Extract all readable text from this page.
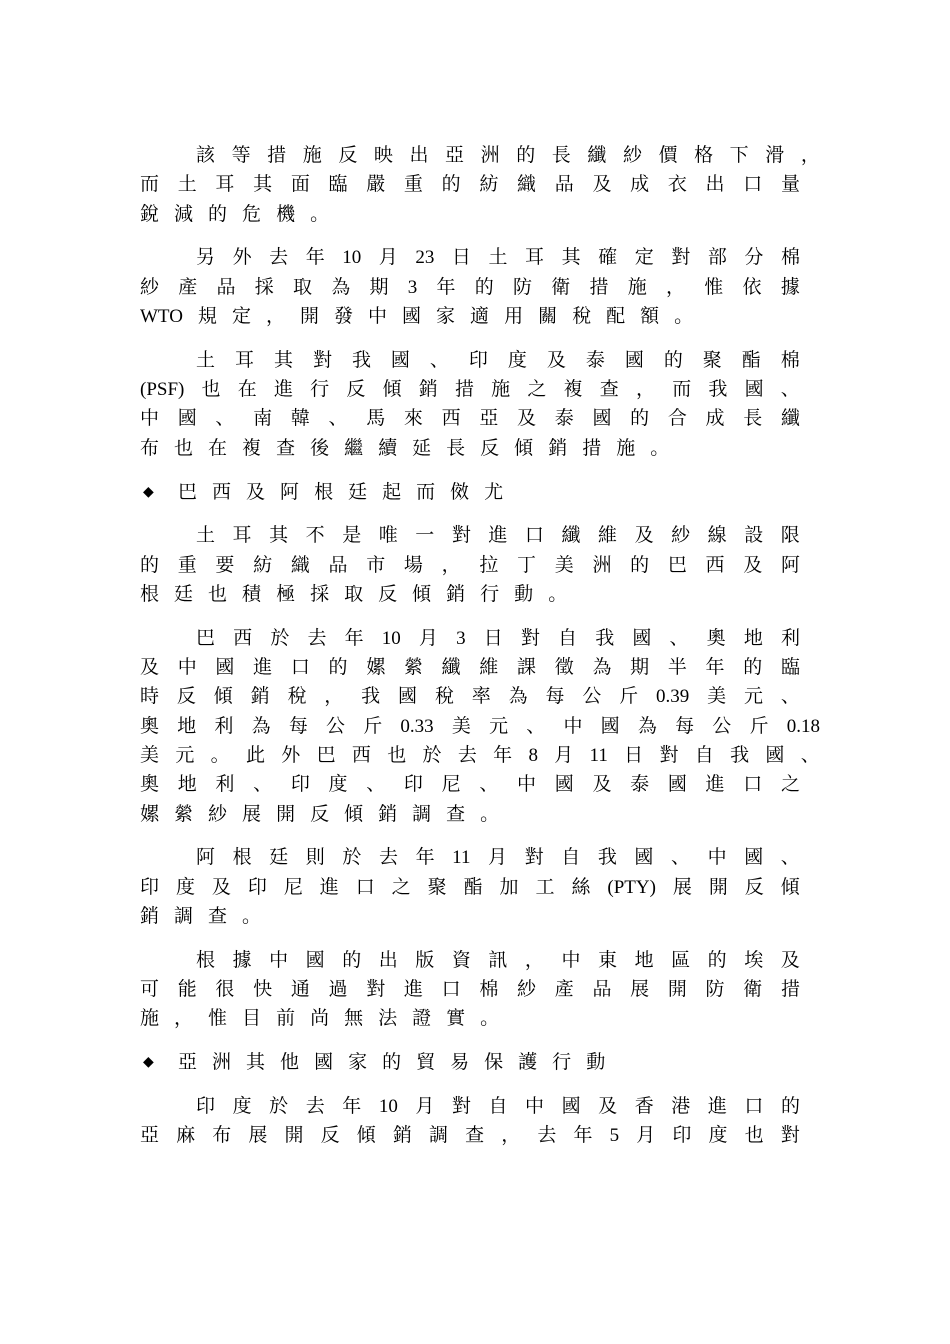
該 等 措 施 反 映 出 亞 洲 的 長 纖 紗 價 格 下 滑 ，
而 土 耳 其 面 臨 嚴 重 的 紡 織 品 及 成 衣 出 口 量
銳 減 的 危 機 。
另 外 去 年 10 月 23 日 土 耳 其 確 定 對 部 分 棉
紗 產 品 採 取 為 期 3 年 的 防 衛 措 施 ， 惟 依 據
WTO 規 定 ， 開 發 中 國 家 適 用 關 稅 配 額 。
土 耳 其 對 我 國 、 印 度 及 泰 國 的 聚 酯 棉
(PSF) 也 在 進 行 反 傾 銷 措 施 之 複 查 ， 而 我 國 、
中 國 、 南 韓 、 馬 來 西 亞 及 泰 國 的 合 成 長 纖
布 也 在 複 查 後 繼 續 延 長 反 傾 銷 措 施 。
◆ 巴 西 及 阿 根 廷 起 而 傚 尤
土 耳 其 不 是 唯 一 對 進 口 纖 維 及 紗 線 設 限
的 重 要 紡 織 品 市 場 ， 拉 丁 美 洲 的 巴 西 及 阿
根 廷 也 積 極 採 取 反 傾 銷 行 動 。
巴 西 於 去 年 10 月 3 日 對 自 我 國 、 奧 地 利
及 中 國 進 口 的 嫘 縈 纖 維 課 徵 為 期 半 年 的 臨
時 反 傾 銷 稅 ， 我 國 稅 率 為 每 公 斤 0.39 美 元 、
奧 地 利 為 每 公 斤 0.33 美 元 、 中 國 為 每 公 斤 0.18
美 元 。 此 外 巴 西 也 於 去 年 8 月 11 日 對 自 我 國 、
奧 地 利 、 印 度 、 印 尼 、 中 國 及 泰 國 進 口 之
嫘 縈 紗 展 開 反 傾 銷 調 查 。
阿 根 廷 則 於 去 年 11 月 對 自 我 國 、 中 國 、
印 度 及 印 尼 進 口 之 聚 酯 加 工 絲 (PTY) 展 開 反 傾
銷 調 查 。
根 據 中 國 的 出 版 資 訊 ， 中 東 地 區 的 埃 及
可 能 很 快 通 過 對 進 口 棉 紗 產 品 展 開 防 衛 措
施 ， 惟 目 前 尚 無 法 證 實 。
◆ 亞 洲 其 他 國 家 的 貿 易 保 護 行 動
印 度 於 去 年 10 月 對 自 中 國 及 香 港 進 口 的
亞 麻 布 展 開 反 傾 銷 調 查 ， 去 年 5 月 印 度 也 對
